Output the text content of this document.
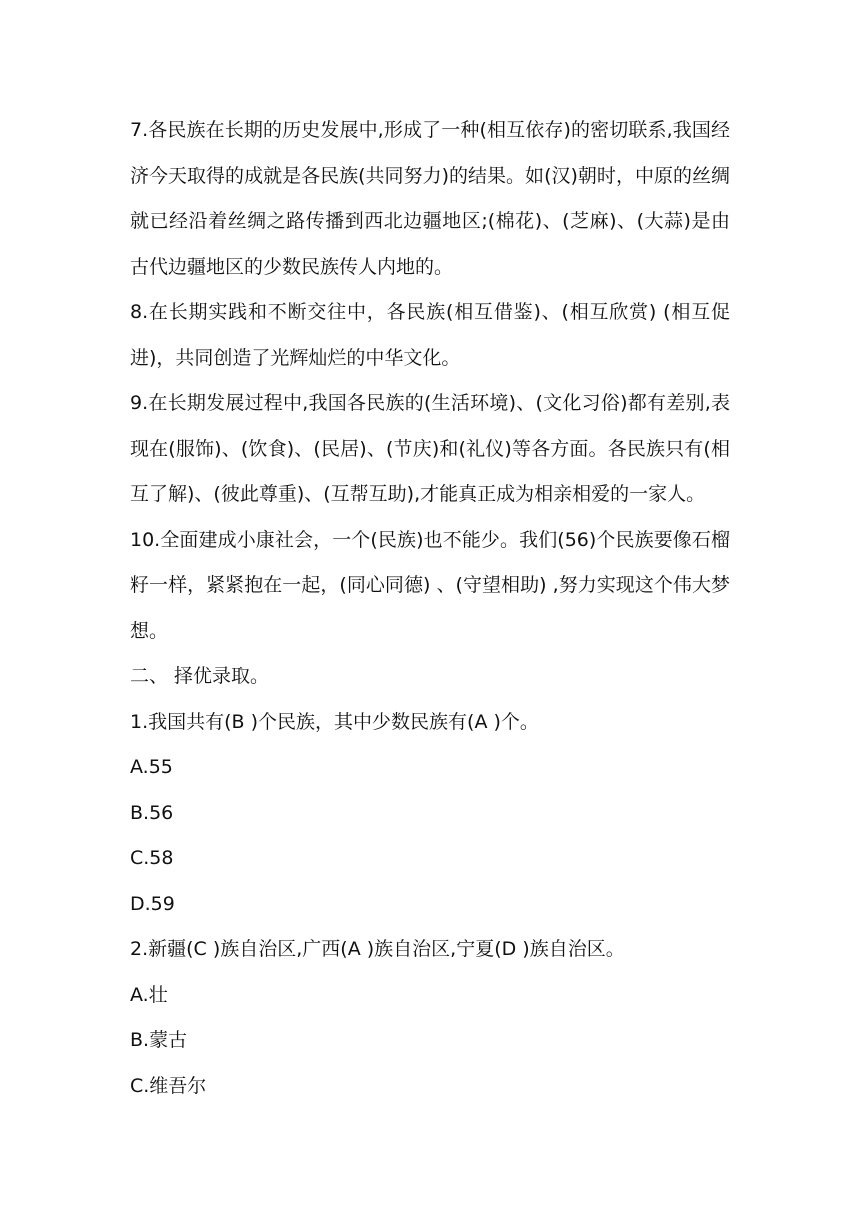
7.各民族在长期的历史发展中,形成了一种(相互依存)的密切联系,我国经济今天取得的成就是各民族(共同努力)的结果。如(汉)朝时，中原的丝绸就已经沿着丝绸之路传播到西北边疆地区;(棉花)、(芝麻)、(大蒜)是由古代边疆地区的少数民族传人内地的。

8.在长期实践和不断交往中，各民族(相互借鉴)、(相互欣赏) (相互促进)，共同创造了光辉灿烂的中华文化。

9.在长期发展过程中,我国各民族的(生活环境)、(文化习俗)都有差别,表现在(服饰)、(饮食)、(民居)、(节庆)和(礼仪)等各方面。各民族只有(相互了解)、(彼此尊重)、(互帮互助),才能真正成为相亲相爱的一家人。

10.全面建成小康社会，一个(民族)也不能少。我们(56)个民族要像石榴籽一样，紧紧抱在一起，(同心同德) 、(守望相助) ,努力实现这个伟大梦想。

二、 择优录取。
1.我国共有(B )个民族，其中少数民族有(A )个。
A.55
B.56
C.58
D.59
2.新疆(C )族自治区,广西(A )族自治区,宁夏(D )族自治区。
A.壮
B.蒙古
C.维吾尔
